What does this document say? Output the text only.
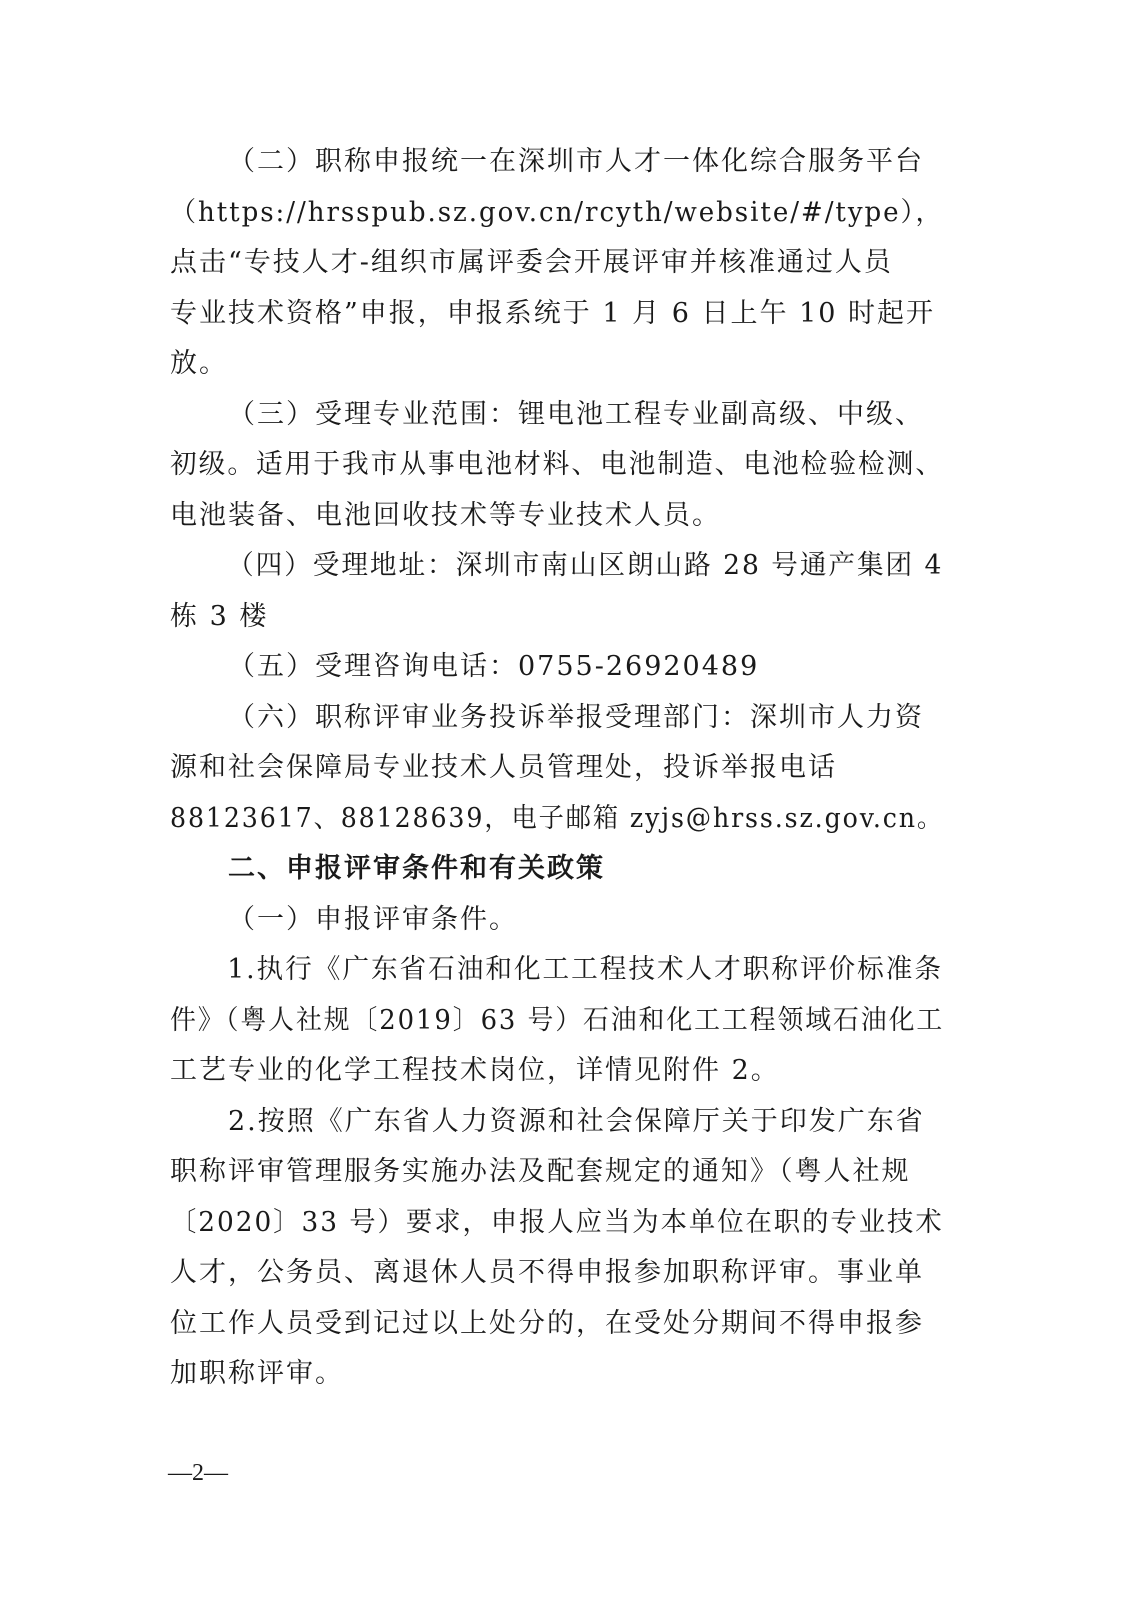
（二）职称申报统一在深圳市人才一体化综合服务平台
（https://hrsspub.sz.gov.cn/rcyth/website/#/type），
点击“专技人才-组织市属评委会开展评审并核准通过人员
专业技术资格”申报，申报系统于 1 月 6 日上午 10 时起开
放。
（三）受理专业范围：锂电池工程专业副高级、中级、
初级。适用于我市从事电池材料、电池制造、电池检验检测、
电池装备、电池回收技术等专业技术人员。
（四）受理地址：深圳市南山区朗山路 28 号通产集团 4
栋 3 楼
（五）受理咨询电话：0755-26920489
（六）职称评审业务投诉举报受理部门：深圳市人力资
源和社会保障局专业技术人员管理处，投诉举报电话
88123617、88128639，电子邮箱 zyjs@hrss.sz.gov.cn。
二、申报评审条件和有关政策
（一）申报评审条件。
1.执行《广东省石油和化工工程技术人才职称评价标准条
件》（粤人社规〔2019〕63 号）石油和化工工程领域石油化工
工艺专业的化学工程技术岗位，详情见附件 2。
2.按照《广东省人力资源和社会保障厅关于印发广东省
职称评审管理服务实施办法及配套规定的通知》（粤人社规
〔2020〕33 号）要求，申报人应当为本单位在职的专业技术
人才，公务员、离退休人员不得申报参加职称评审。事业单
位工作人员受到记过以上处分的，在受处分期间不得申报参
加职称评审。
—2—
